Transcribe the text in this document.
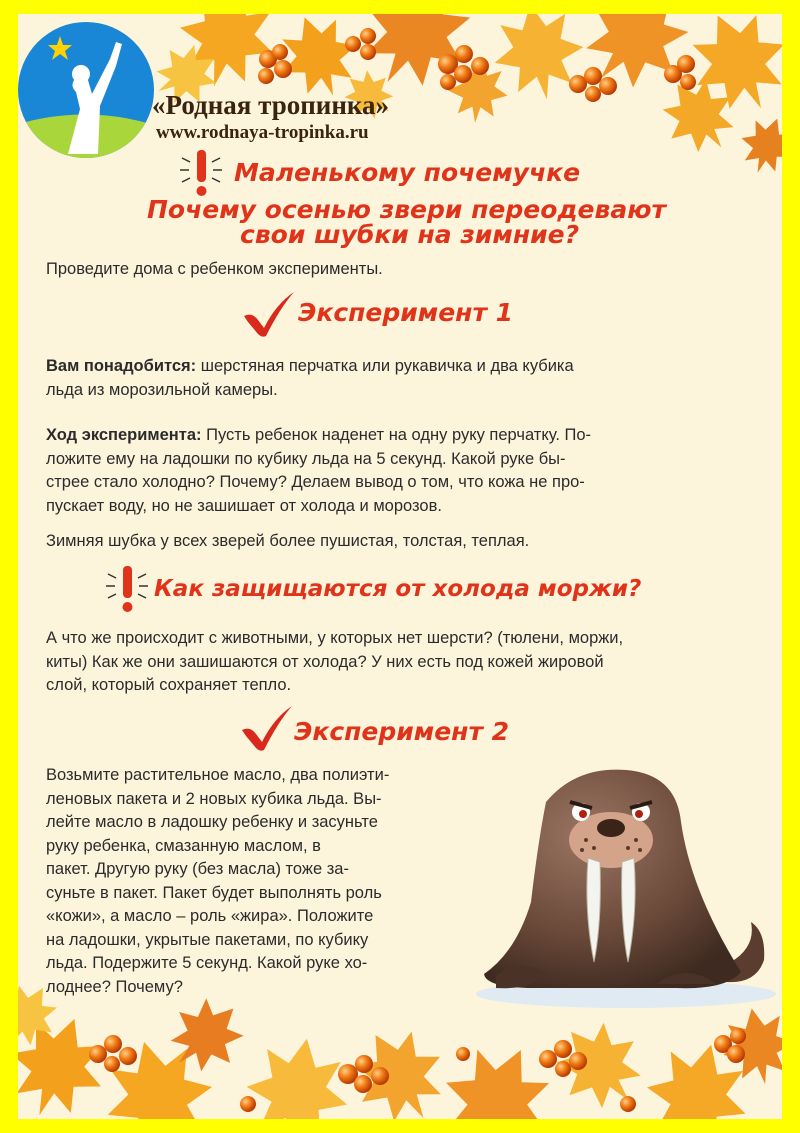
«Родная тропинка»
www.rodnaya-tropinka.ru
Маленькому почемучке
Почему осенью звери переодевают
свои шубки на зимние?
Проведите дома с ребенком эксперименты.
Эксперимент 1
Вам понадобится: шерстяная перчатка или рукавичка и два кубика
льда из морозильной камеры.
Ход эксперимента: Пусть ребенок наденет на одну руку перчатку. По-
ложите ему на ладошки по кубику льда на 5 секунд. Какой руке бы-
стрее стало холодно? Почему? Делаем вывод о том, что кожа не про-
пускает воду, но не зашишает от холода и морозов.
Зимняя шубка у всех зверей более пушистая, толстая, теплая.
Как защищаются от холода моржи?
А что же происходит с животными, у которых нет шерсти? (тюлени, моржи,
киты) Как же они зашишаются от холода? У них есть под кожей жировой
слой, который сохраняет тепло.
Эксперимент 2
Возьмите растительное масло, два полиэти-
леновых пакета и 2 новых кубика льда. Вы-
лейте масло в ладошку ребенку и засуньте
руку ребенка, смазанную маслом, в
пакет. Другую руку (без масла) тоже за-
суньте в пакет. Пакет будет выполнять роль
«кожи», а масло – роль «жира». Положите
на ладошки, укрытые пакетами, по кубику
льда. Подержите 5 секунд. Какой руке хо-
лоднее? Почему?
